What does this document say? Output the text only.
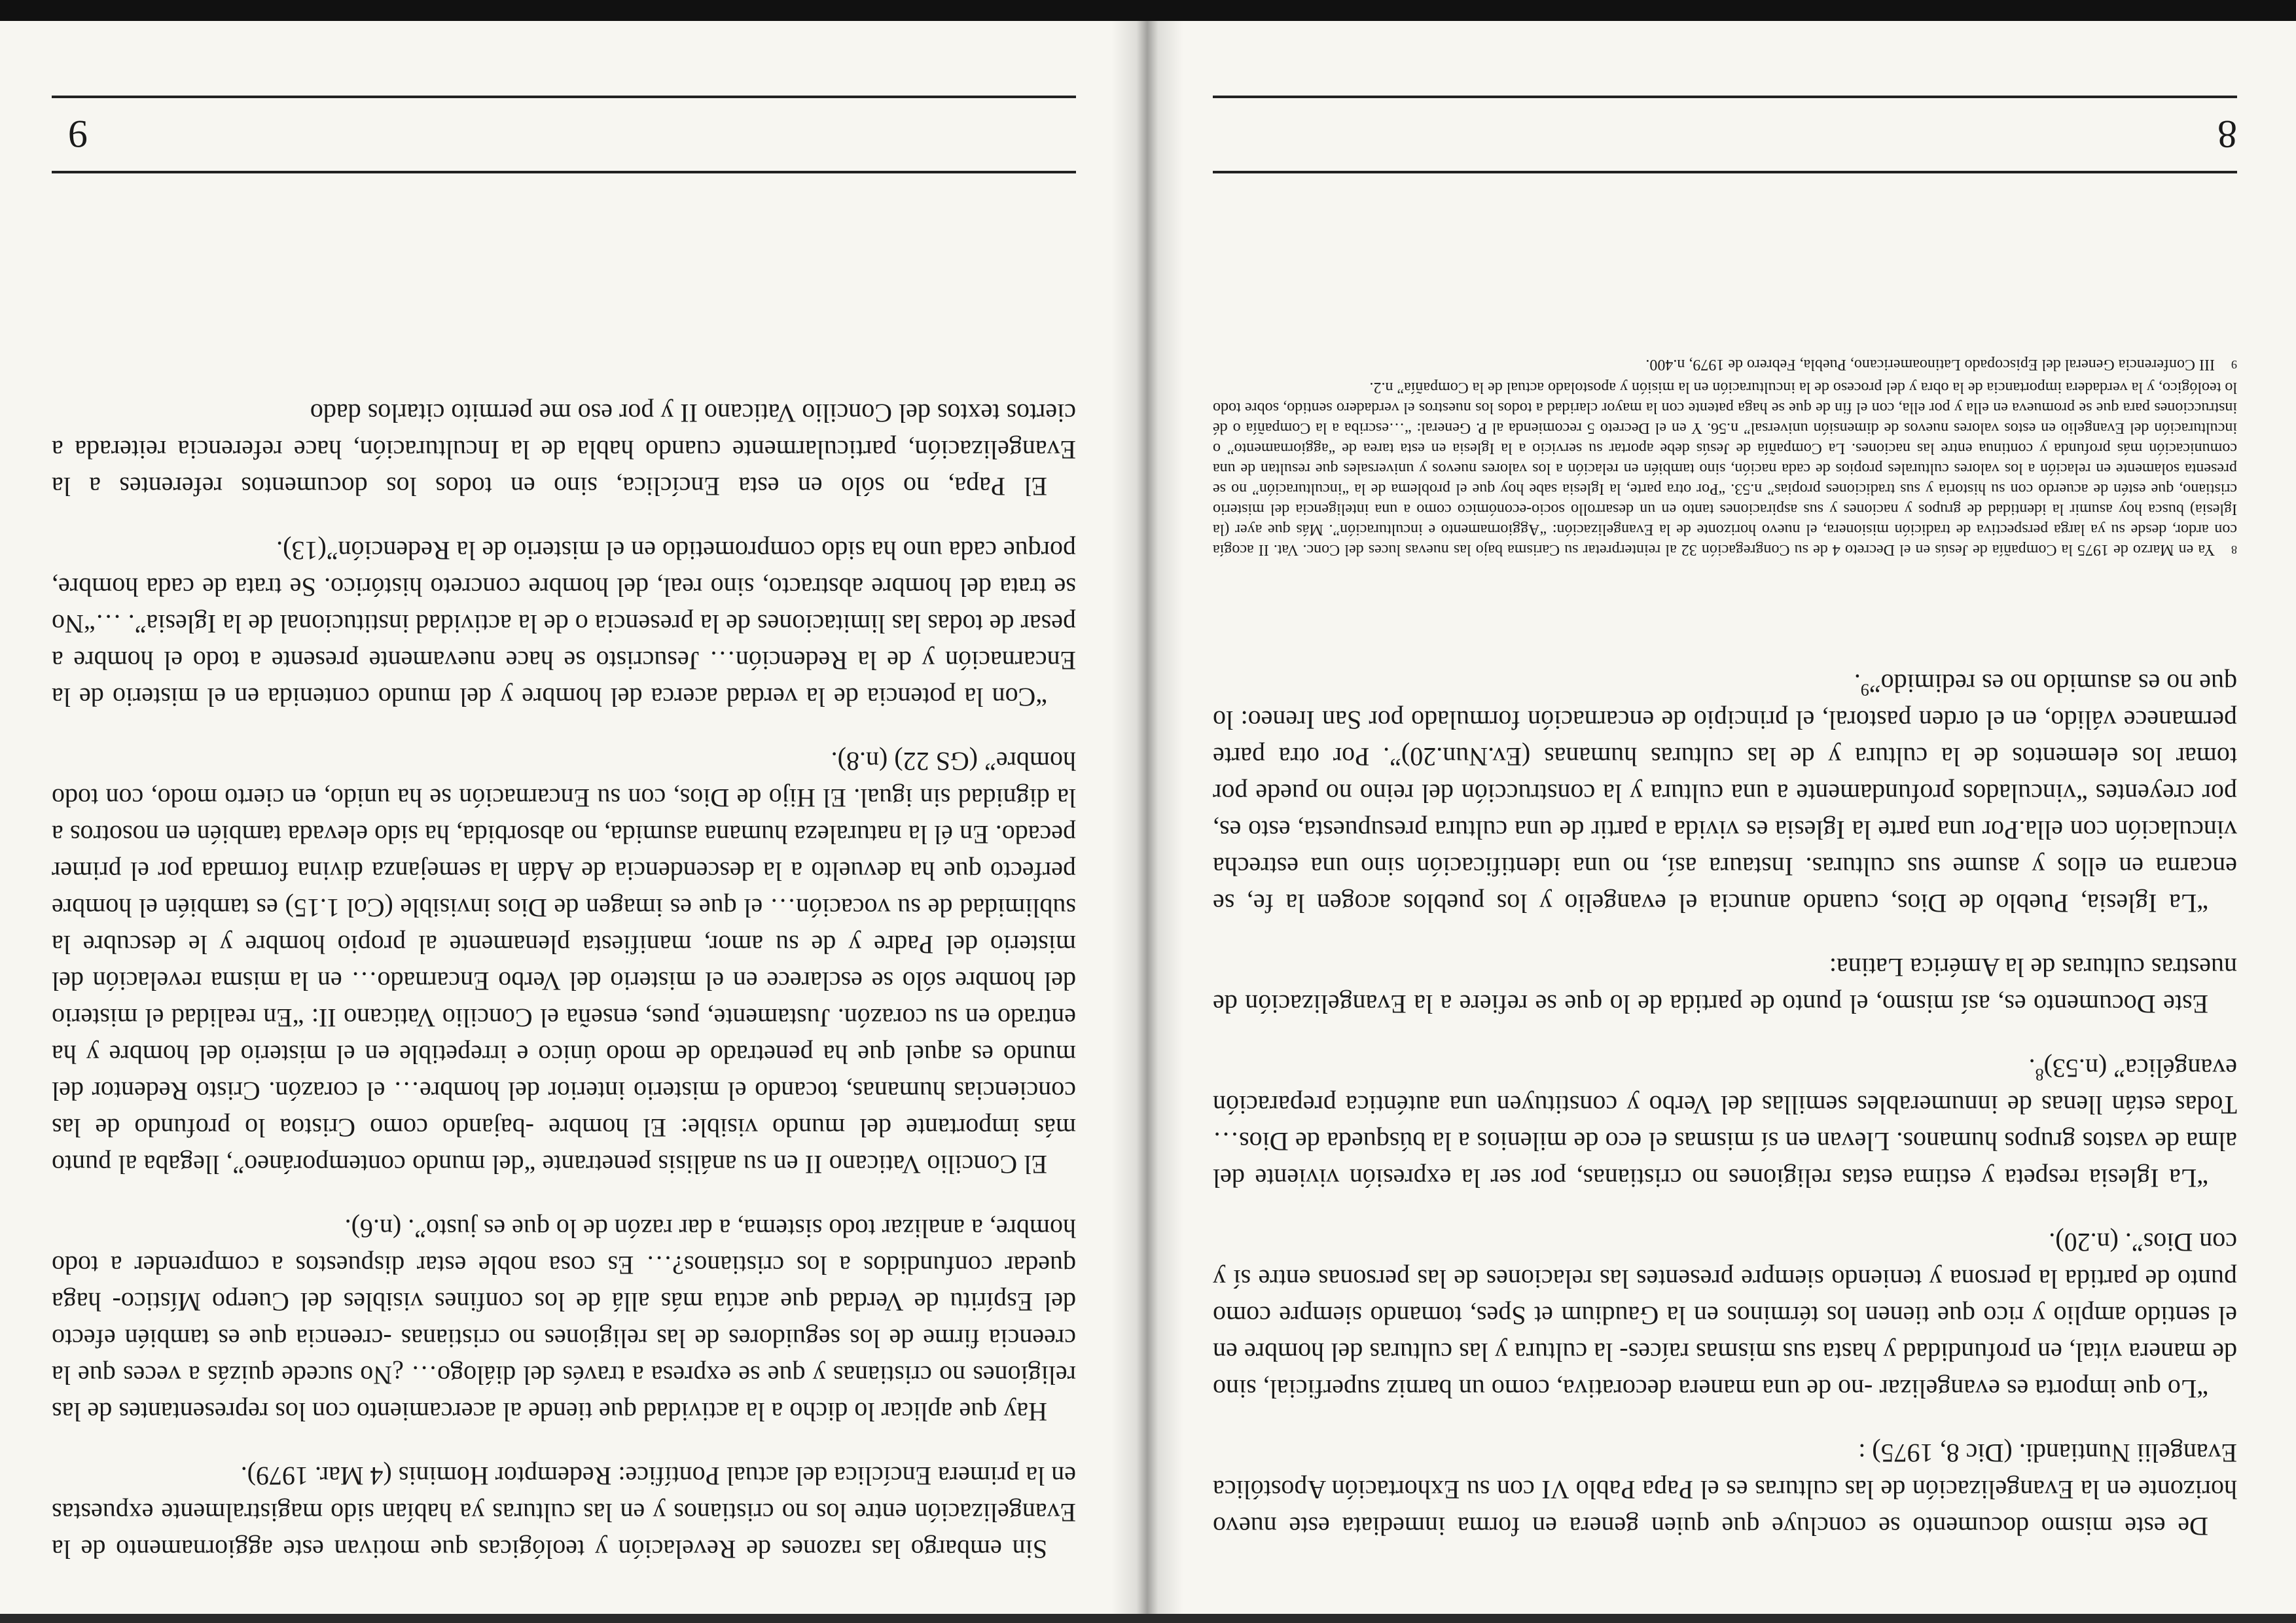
De este mismo documento se concluye que quien genera en forma inmediata este nuevo horizonte en la Evangelización de las culturas es el Papa Pablo VI con su Exhortación Apostólica Evangelii Nuntiandi. (Dic 8, 1975) :

“Lo que importa es evangelizar -no de una manera decorativa, como un barniz superficial, sino de manera vital, en profundidad y hasta sus mismas raíces- la cultura y las culturas del hombre en el sentido amplio y rico que tienen los términos en la Gaudium et Spes, tomando siempre como punto de partida la persona y teniendo siempre presentes las relaciones de las personas entre sí y con Dios”. (n.20).

“La Iglesia respeta y estima estas religiones no cristianas, por ser la expresión viviente del alma de vastos grupos humanos. Llevan en sí mismas el eco de milenios a la búsqueda de Dios… Todas están llenas de innumerables semillas del Verbo y constituyen una auténtica preparación evangélica” $(n.53)^8$.

Este Documento es, así mismo, el punto de partida de lo que se refiere a la Evangelización de nuestras culturas de la América Latina:

“La Iglesia, Pueblo de Dios, cuando anuncia el evangelio y los pueblos acogen la fe, se encarna en ellos y asume sus culturas. Instaura así, no una identificación sino una estrecha vinculación con ella.Por una parte la Iglesia es vivida a partir de una cultura presupuesta, esto es, por creyentes “vinculados profundamente a una cultura y la construcción del reino no puede por tomar los elementos de la cultura y de las culturas humanas (Ev.Nun.20)”. Por otra parte permanece válido, en el orden pastoral, el principio de encarnación formulado por San Ireneo: lo que no es asumido no es redimido”$^9$.

8Ya en Marzo de 1975 la Compañía de Jesús en el Decreto 4 de su Congregación 32 al reinterpretar su Carisma bajo las nuevas luces del Conc. Vat. II acogía con ardor, desde su ya larga perspectiva de tradición misionera, el nuevo horizonte de la Evangelización: “Aggiornamento e inculturación”. Más que ayer (la Iglesia) busca hoy asumir la identidad de grupos y naciones y sus aspiraciones tanto en un desarrollo socio-económico como a una inteligencia del misterio cristiano, que estén de acuerdo con su historia y sus tradiciones propias” n.53. “Por otra parte, la Iglesia sabe hoy que el problema de la “inculturación” no se presenta solamente en relación a los valores culturales propios de cada nación, sino también en relación a los valores nuevos y universales que resultan de una comunicación más profunda y continua entre las naciones. La Compañía de Jesús debe aportar su servicio a la Iglesia en esta tarea de “aggiornamento” o inculturación del Evangelio en estos valores nuevos de dimensión universal” n.56. Y en el Decreto 5 recomienda al P. General: “…escriba a la Compañía o dé instrucciones para que se promueva en ella y por ella, con el fin de que se haga patente con la mayor claridad a todos los nuestros el verdadero sentido, sobre todo lo teológico, y la verdadera importancia de la obra y del proceso de la inculturación en la misión y apostolado actual de la Compañía” n.2.

9III Conferencia General del Episcopado Latinoamericano, Puebla, Febrero de 1979, n.400.

8

Sin embargo las razones de Revelación y teológicas que motivan este aggiornamento de la Evangelización entre los no cristianos y en las culturas ya habían sido magistralmente expuestas en la primera Encíclica del actual Pontífice: Redemptor Hominis (4 Mar. 1979).

Hay que aplicar lo dicho a la actividad que tiende al acercamiento con los representantes de las religiones no cristianas y que se expresa a través del diálogo… ¿No sucede quizás a veces que la creencia firme de los seguidores de las religiones no cristianas -creencia que es también efecto del Espíritu de Verdad que actúa más allá de los confines visibles del Cuerpo Místico- haga quedar confundidos a los cristianos?… Es cosa noble estar dispuestos a comprender a todo hombre, a analizar todo sistema, a dar razón de lo que es justo”. (n.6).

El Concilio Vaticano II en su análisis penetrante “del mundo contemporáneo”, llegaba al punto más importante del mundo visible: El hombre -bajando como Cristoa lo profundo de las conciencias humanas, tocando el misterio interior del hombre… el corazón. Cristo Redentor del mundo es aquel que ha penetrado de modo único e irrepetible en el misterio del hombre y ha entrado en su corazón. Justamente, pues, enseña el Concilio Vaticano II: “En realidad el misterio del hombre sólo se esclarece en el misterio del Verbo Encarnado… en la misma revelación del misterio del Padre y de su amor, manifiesta plenamente al propio hombre y le descubre la sublimidad de su vocación… el que es imagen de Dios invisible (Col 1.15) es también el hombre perfecto que ha devuelto a la descendencia de Adán la semejanza divina formada por el primer pecado. En él la naturaleza humana asumida, no absorbida, ha sido elevada también en nosotros a la dignidad sin igual. El Hijo de Dios, con su Encarnación se ha unido, en cierto modo, con todo hombre” (GS 22) (n.8).

“Con la potencia de la verdad acerca del hombre y del mundo contenida en el misterio de la Encarnación y de la Redención… Jesucristo se hace nuevamente presente a todo el hombre a pesar de todas las limitaciones de la presencia o de la actividad institucional de la Iglesia”. …“No se trata del hombre abstracto, sino real, del hombre concreto histórico. Se trata de cada hombre, porque cada uno ha sido comprometido en el misterio de la Redención”(13).

El Papa, no sólo en esta Encíclica, sino en todos los documentos referentes a la Evangelización, particularmente cuando habla de la Inculturación, hace referencia reiterada a ciertos textos del Concilio Vaticano II y por eso me permito citarlos dado

9
